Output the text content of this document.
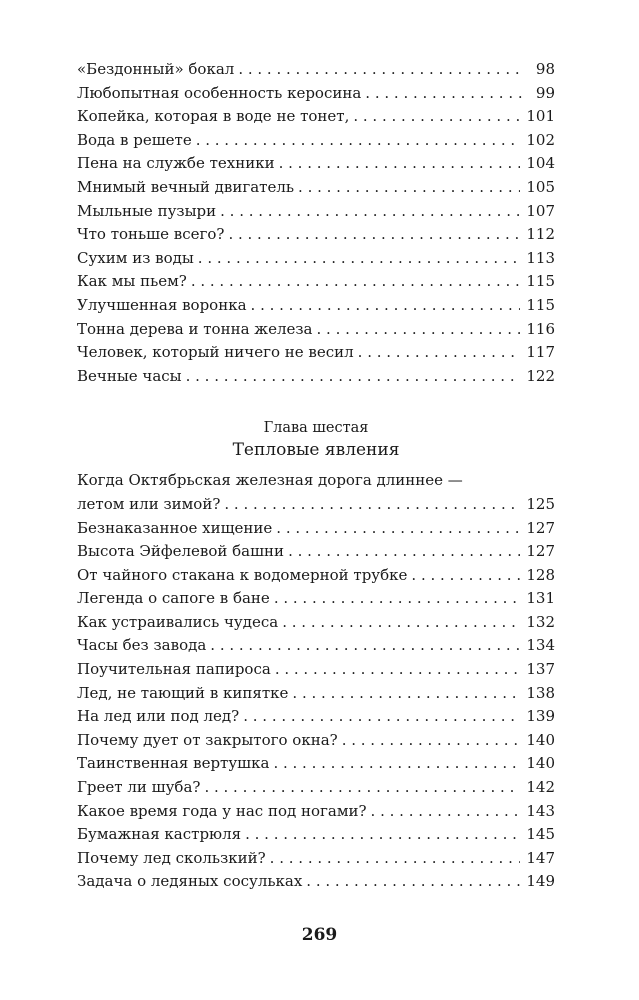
«Бездонный» бокал . . .	98
Любопытная особенность керосина . . .	99
Копейка, которая в воде не тонет, . . .	101
Вода в решете . . .	102
Пена на службе техники . . .	104
Мнимый вечный двигатель . . .	105
Мыльные пузыри . . .	107
Что тоньше всего? . . .	112
Сухим из воды . . .	113
Как мы пьем? . . .	115
Улучшенная воронка . . .	115
Тонна дерева и тонна железа . . .	116
Человек, который ничего не весил . . .	117
Вечные часы . . .	122
Глава шестая
Тепловые явления
Когда Октябрьская железная дорога длиннее —
летом или зимой? . . .	125
Безнаказанное хищение . . .	127
Высота Эйфелевой башни . . .	127
От чайного стакана к водомерной трубке . . .	128
Легенда о сапоге в бане . . .	131
Как устраивались чудеса . . .	132
Часы без завода . . .	134
Поучительная папироса . . .	137
Лед, не тающий в кипятке . . .	138
На лед или под лед? . . .	139
Почему дует от закрытого окна? . . .	140
Таинственная вертушка . . .	140
Греет ли шуба? . . .	142
Какое время года у нас под ногами? . . .	143
Бумажная кастрюля . . .	145
Почему лед скользкий? . . .	147
Задача о ледяных сосульках . . .	149
269
